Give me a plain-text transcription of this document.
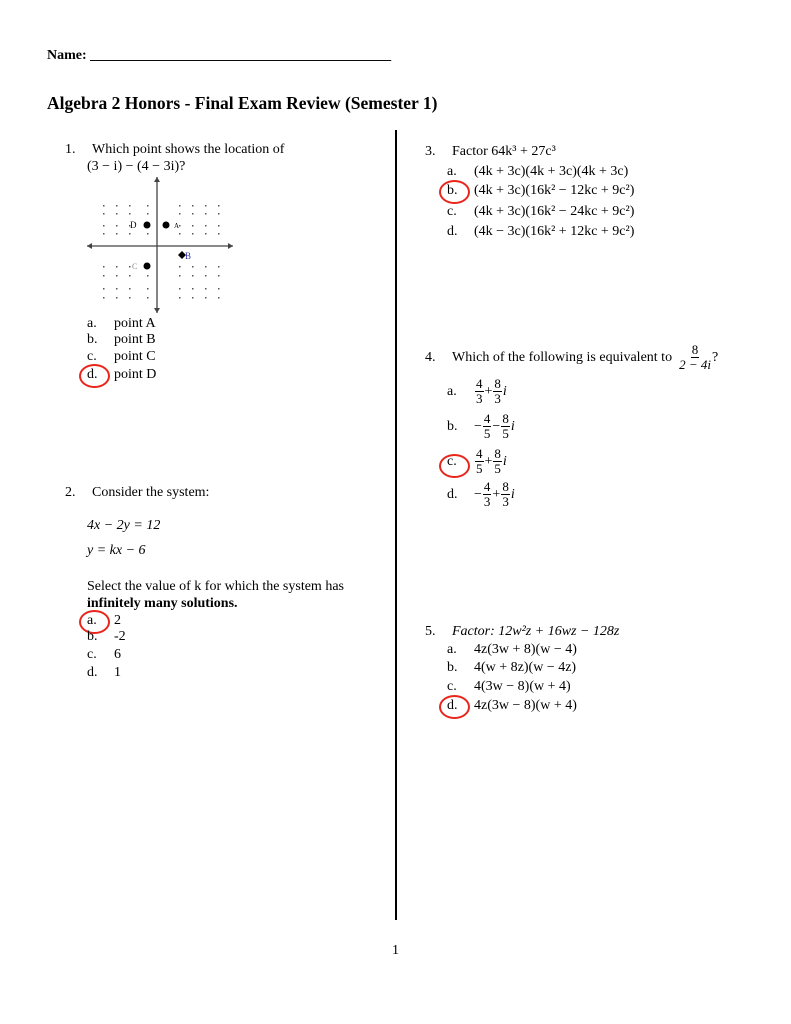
Name: ___________________________________________
Algebra 2 Honors - Final Exam Review (Semester 1)
1. Which point shows the location of
(3 − i) − (4 − 3i)?
D	A
B
C
2. Consider the system:
4x − 2y = 12
y = kx − 6
Select the value of k for which the system has
infinitely many solutions.
3. Factor 64k³ + 27c³
4.	Which of the following is equivalent to $\frac{8}{2 - 4i}$ ?
5. Factor: 12w²z + 16wz − 128z
1
a. point A
b. point B
c. point C
d. point D
a. 2
b. -2
c. 6
d. 1
a. (4k + 3c)(4k + 3c)(4k + 3c)
b. (4k + 3c)(16k² − 12kc + 9c²)
c. (4k + 3c)(16k² − 24kc + 9c²)
d. (4k − 3c)(16k² + 12kc + 9c²)
a. 4z(3w + 8)(w − 4)
b. 4(w + 8z)(w − 4z)
c. 4(3w − 8)(w + 4)
d. 4z(3w − 8)(w + 4)
a.	$\frac{4}{3} + \frac{8}{3}$ i
b.	− $\frac{4}{5} - \frac{8}{5}$ i
c.	$\frac{4}{5} + \frac{8}{5}$ i
d.	− $\frac{4}{3} + \frac{8}{3}$ i
